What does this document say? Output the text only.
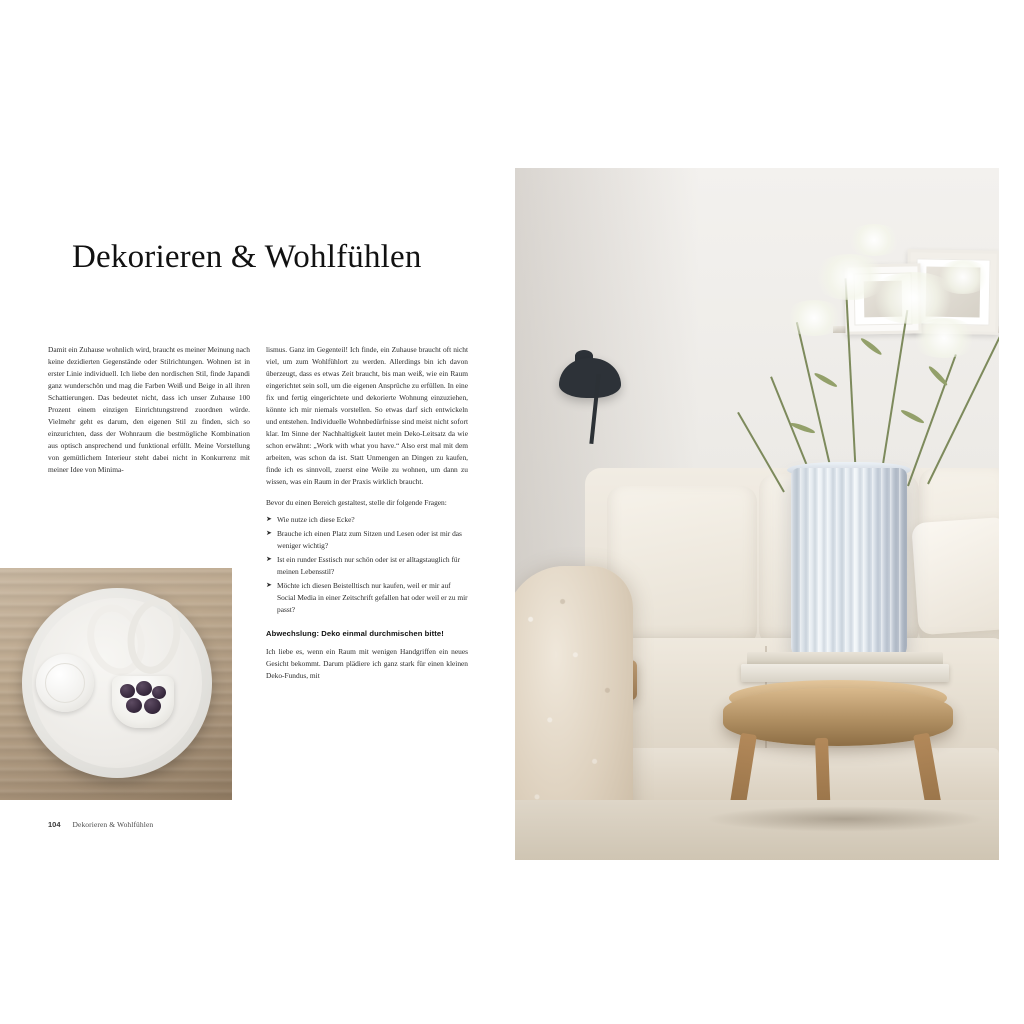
Dekorieren & Wohlfühlen

Damit ein Zuhause wohnlich wird, braucht es meiner Meinung nach keine dezidierten Gegenstände oder Stilrichtungen. Wohnen ist in erster Linie individuell. Ich liebe den nordischen Stil, finde Japandi ganz wunderschön und mag die Farben Weiß und Beige in all ihren Schattierungen. Das bedeutet nicht, dass ich unser Zuhause 100 Prozent einem einzigen Einrichtungstrend zuordnen würde. Vielmehr geht es darum, den eigenen Stil zu finden, sich so einzurichten, dass der Wohnraum die bestmögliche Kombination aus optisch ansprechend und funktional erfüllt. Meine Vorstellung von gemütlichem Interieur steht dabei nicht in Konkurrenz mit meiner Idee von Minima-

lismus. Ganz im Gegenteil! Ich finde, ein Zuhause braucht oft nicht viel, um zum Wohlfühlort zu werden. Allerdings bin ich davon überzeugt, dass es etwas Zeit braucht, bis man weiß, wie ein Raum eingerichtet sein soll, um die eigenen Ansprüche zu erfüllen. In eine fix und fertig eingerichtete und dekorierte Wohnung einzuziehen, könnte ich mir niemals vorstellen. So etwas darf sich entwickeln und entstehen. Individuelle Wohnbedürfnisse sind meist nicht sofort klar. Im Sinne der Nachhaltigkeit lautet mein Deko-Leitsatz da wie schon erwähnt: „Work with what you have.“ Also erst mal mit dem arbeiten, was schon da ist. Statt Unmengen an Dingen zu kaufen, finde ich es sinnvoll, zuerst eine Weile zu wohnen, um dann zu wissen, was ein Raum in der Praxis wirklich braucht.

Bevor du einen Bereich gestaltest, stelle dir folgende Fragen:

➤ Wie nutze ich diese Ecke?
➤ Brauche ich einen Platz zum Sitzen und Lesen oder ist mir das weniger wichtig?
➤ Ist ein runder Esstisch nur schön oder ist er alltagstauglich für meinen Lebensstil?
➤ Möchte ich diesen Beistelltisch nur kaufen, weil er mir auf Social Media in einer Zeitschrift gefallen hat oder weil er zu mir passt?

Abwechslung: Deko einmal durchmischen bitte!

Ich liebe es, wenn ein Raum mit wenigen Handgriffen ein neues Gesicht bekommt. Darum plädiere ich ganz stark für einen kleinen Deko-Fundus, mit

104 Dekorieren & Wohlfühlen
